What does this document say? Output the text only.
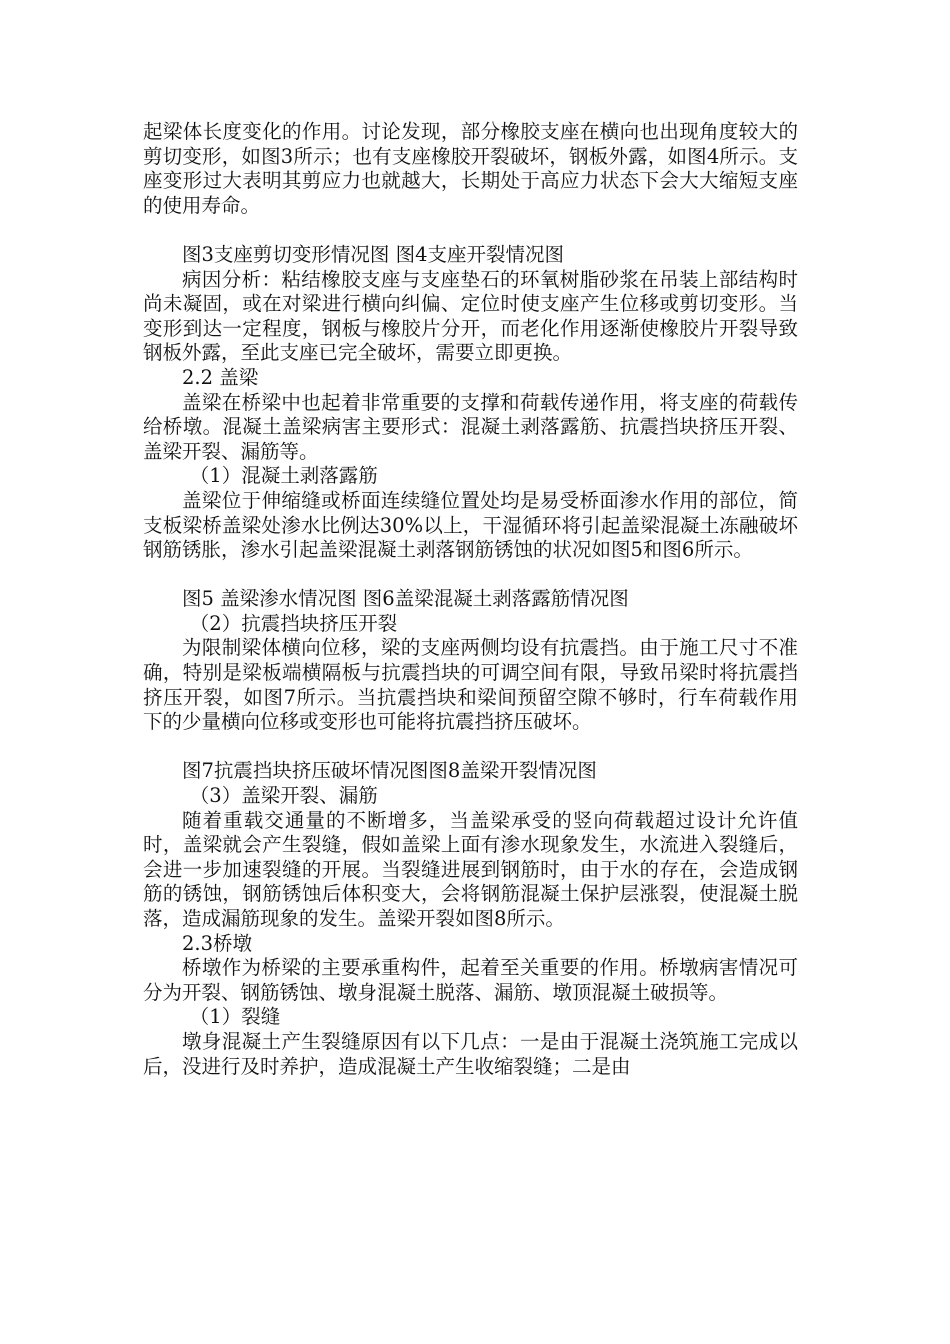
起梁体长度变化的作用。讨论发现，部分橡胶支座在横向也出现角度较大的剪切变形，如图3所示；也有支座橡胶开裂破坏，钢板外露，如图4所示。支座变形过大表明其剪应力也就越大，长期处于高应力状态下会大大缩短支座的使用寿命。

图3支座剪切变形情况图 图4支座开裂情况图

病因分析：粘结橡胶支座与支座垫石的环氧树脂砂浆在吊装上部结构时尚未凝固，或在对梁进行横向纠偏、定位时使支座产生位移或剪切变形。当变形到达一定程度，钢板与橡胶片分开，而老化作用逐渐使橡胶片开裂导致钢板外露，至此支座已完全破坏，需要立即更换。

2.2 盖梁

盖梁在桥梁中也起着非常重要的支撑和荷载传递作用，将支座的荷载传给桥墩。混凝土盖梁病害主要形式：混凝土剥落露筋、抗震挡块挤压开裂、盖梁开裂、漏筋等。

（1）混凝土剥落露筋

盖梁位于伸缩缝或桥面连续缝位置处均是易受桥面渗水作用的部位，简支板梁桥盖梁处渗水比例达30%以上，干湿循环将引起盖梁混凝土冻融破坏钢筋锈胀，渗水引起盖梁混凝土剥落钢筋锈蚀的状况如图5和图6所示。

图5 盖梁渗水情况图 图6盖梁混凝土剥落露筋情况图

（2）抗震挡块挤压开裂

为限制梁体横向位移，梁的支座两侧均设有抗震挡。由于施工尺寸不准确，特别是梁板端横隔板与抗震挡块的可调空间有限，导致吊梁时将抗震挡挤压开裂，如图7所示。当抗震挡块和梁间预留空隙不够时，行车荷载作用下的少量横向位移或变形也可能将抗震挡挤压破坏。

图7抗震挡块挤压破坏情况图图8盖梁开裂情况图

（3）盖梁开裂、漏筋

随着重载交通量的不断增多，当盖梁承受的竖向荷载超过设计允许值时，盖梁就会产生裂缝，假如盖梁上面有渗水现象发生，水流进入裂缝后，会进一步加速裂缝的开展。当裂缝进展到钢筋时，由于水的存在，会造成钢筋的锈蚀，钢筋锈蚀后体积变大，会将钢筋混凝土保护层涨裂，使混凝土脱落，造成漏筋现象的发生。盖梁开裂如图8所示。

2.3桥墩

桥墩作为桥梁的主要承重构件，起着至关重要的作用。桥墩病害情况可分为开裂、钢筋锈蚀、墩身混凝土脱落、漏筋、墩顶混凝土破损等。

（1）裂缝

墩身混凝土产生裂缝原因有以下几点：一是由于混凝土浇筑施工完成以后，没进行及时养护，造成混凝土产生收缩裂缝；二是由
